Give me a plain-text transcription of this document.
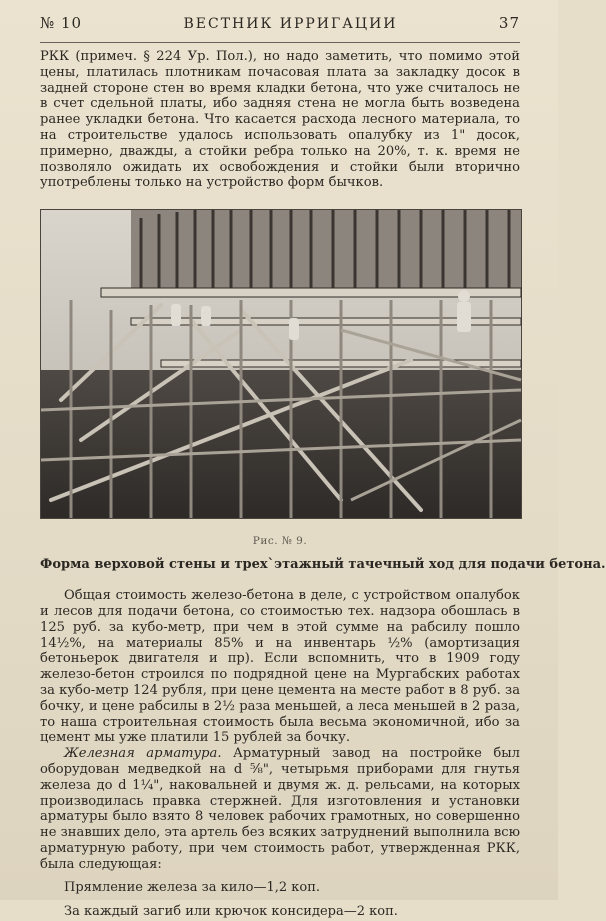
№ 10	ВЕСТНИК ИРРИГАЦИИ	37

РКК (примеч. § 224 Ур. Пол.), но надо заметить, что помимо этой цены, платилась плотникам почасовая плата за закладку досок в задней стороне стен во время кладки бетона, что уже считалось не в счет сдельной платы, ибо задняя стена не могла быть возведена ранее укладки бетона. Что касается расхода лесного материала, то на строительстве удалось использовать опалубку из 1" досок, примерно, дважды, а стойки ребра только на 20%, т. к. время не позволяло ожидать их освобождения и стойки были вторично употреблены только на устройство форм бычков.

Рис. № 9.
Форма верховой стены и трех`этажный тачечный ход для подачи бетона.

Общая стоимость железо-бетона в деле, с устройством опалубок и лесов для подачи бетона, со стоимостью тех. надзора обошлась в 125 руб. за кубо-метр, при чем в этой сумме на рабсилу пошло 14½%, на материалы 85% и на инвентарь ½% (амортизация бетоньерок двигателя и пр). Если вспомнить, что в 1909 году железо-бетон строился по подрядной цене на Мургабских работах за кубо-метр 124 рубля, при цене цемента на месте работ в 8 руб. за бочку, и цене рабсилы в 2½ раза меньшей, а леса меньшей в 2 раза, то наша строительная стоимость была весьма экономичной, ибо за цемент мы уже платили 15 рублей за бочку.

Железная арматура. Арматурный завод на постройке был оборудован медведкой на d ⅝", четырьмя приборами для гнутья железа до d 1¼", наковальней и двумя ж. д. рельсами, на которых производилась правка стержней. Для изготовления и установки арматуры было взято 8 человек рабочих грамотных, но совершенно не знавших дело, эта артель без всяких затруднений выполнила всю арматурную работу, при чем стоимость работ, утвержденная РКК, была следующая:

Прямление железа за кило—1,2 коп.

За каждый загиб или крючок консидера—2 коп.
